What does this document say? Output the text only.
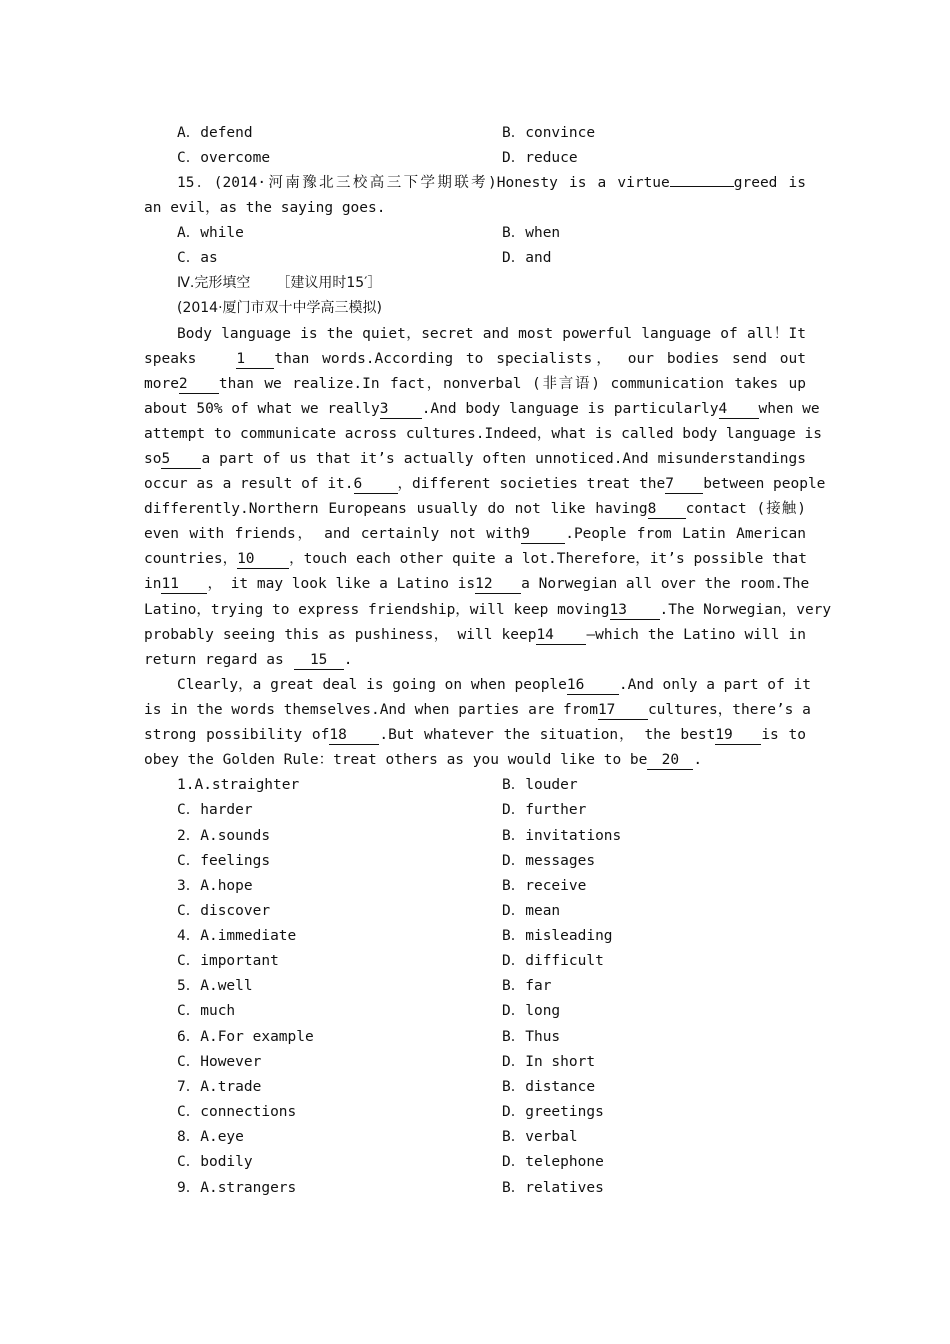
A．defend	B．convince
C．overcome	D．reduce
15．(2014·河南豫北三校高三下学期联考)Honesty is a virtue	greed is
an evil，as the saying goes.
A．while	B．when
C．as	D．and
Ⅳ.完形填空 ［建议用时15′］
(2014·厦门市双十中学高三模拟)
Body language is the quiet，secret and most powerful language of all！It
speaks	1 than words.According to specialists， our bodies send out
more2 than we realize.In fact，nonverbal (非言语) communication takes up
about 50% of what we really3 .And body language is particularly4 when we
attempt to communicate across cultures.Indeed，what is called body language is
so5 a part of us that it’s actually often unnoticed.And misunderstandings
occur as a result of it.6 ，different societies treat the7 between people
differently.Northern Europeans usually do not like having8 contact (接触)
even with friends， and certainly not with9 .People from Latin American
countries，10 ，touch each other quite a lot.Therefore，it’s possible that
in11 ， it may look like a Latino is12 a Norwegian all over the room.The
Latino，trying to express friendship，will keep moving13 .The Norwegian，very
probably seeing this as pushiness， will keep14 —which the Latino will in
return regard as 15 .
Clearly，a great deal is going on when people16 .And only a part of it
is in the words themselves.And when parties are from17 cultures，there’s a
strong possibility of18 .But whatever the situation， the best19 is to
obey the Golden Rule：treat others as you would like to be 20 .
1.A.straighter	B．louder
C．harder	D．further
2．A.sounds	B．invitations
C．feelings	D．messages
3．A.hope	B．receive
C．discover	D．mean
4．A.immediate	B．misleading
C．important	D．difficult
5．A.well	B．far
C．much	D．long
6．A.For example	B．Thus
C．However	D．In short
7．A.trade	B．distance
C．connections	D．greetings
8．A.eye	B．verbal
C．bodily	D．telephone
9．A.strangers	B．relatives
